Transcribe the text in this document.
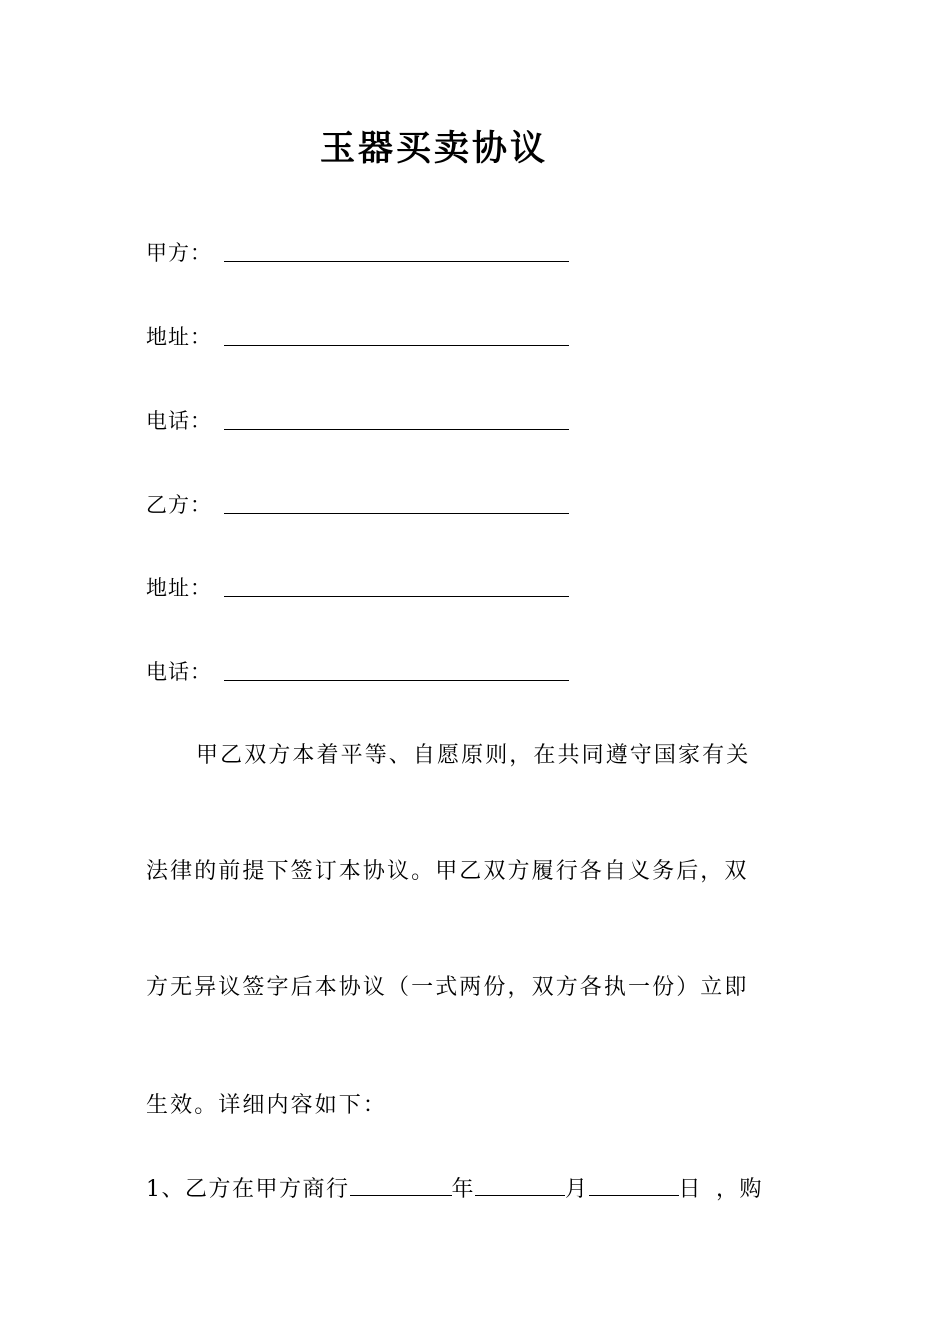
玉器买卖协议
甲方：
地址：
电话：
乙方：
地址：
电话：
甲乙双方本着平等、自愿原则，在共同遵守国家有关
法律的前提下签订本协议。甲乙双方履行各自义务后，双
方无异议签字后本协议（一式两份，双方各执一份）立即
生效。详细内容如下：
1、乙方在甲方商行	年	月	日 ，购
